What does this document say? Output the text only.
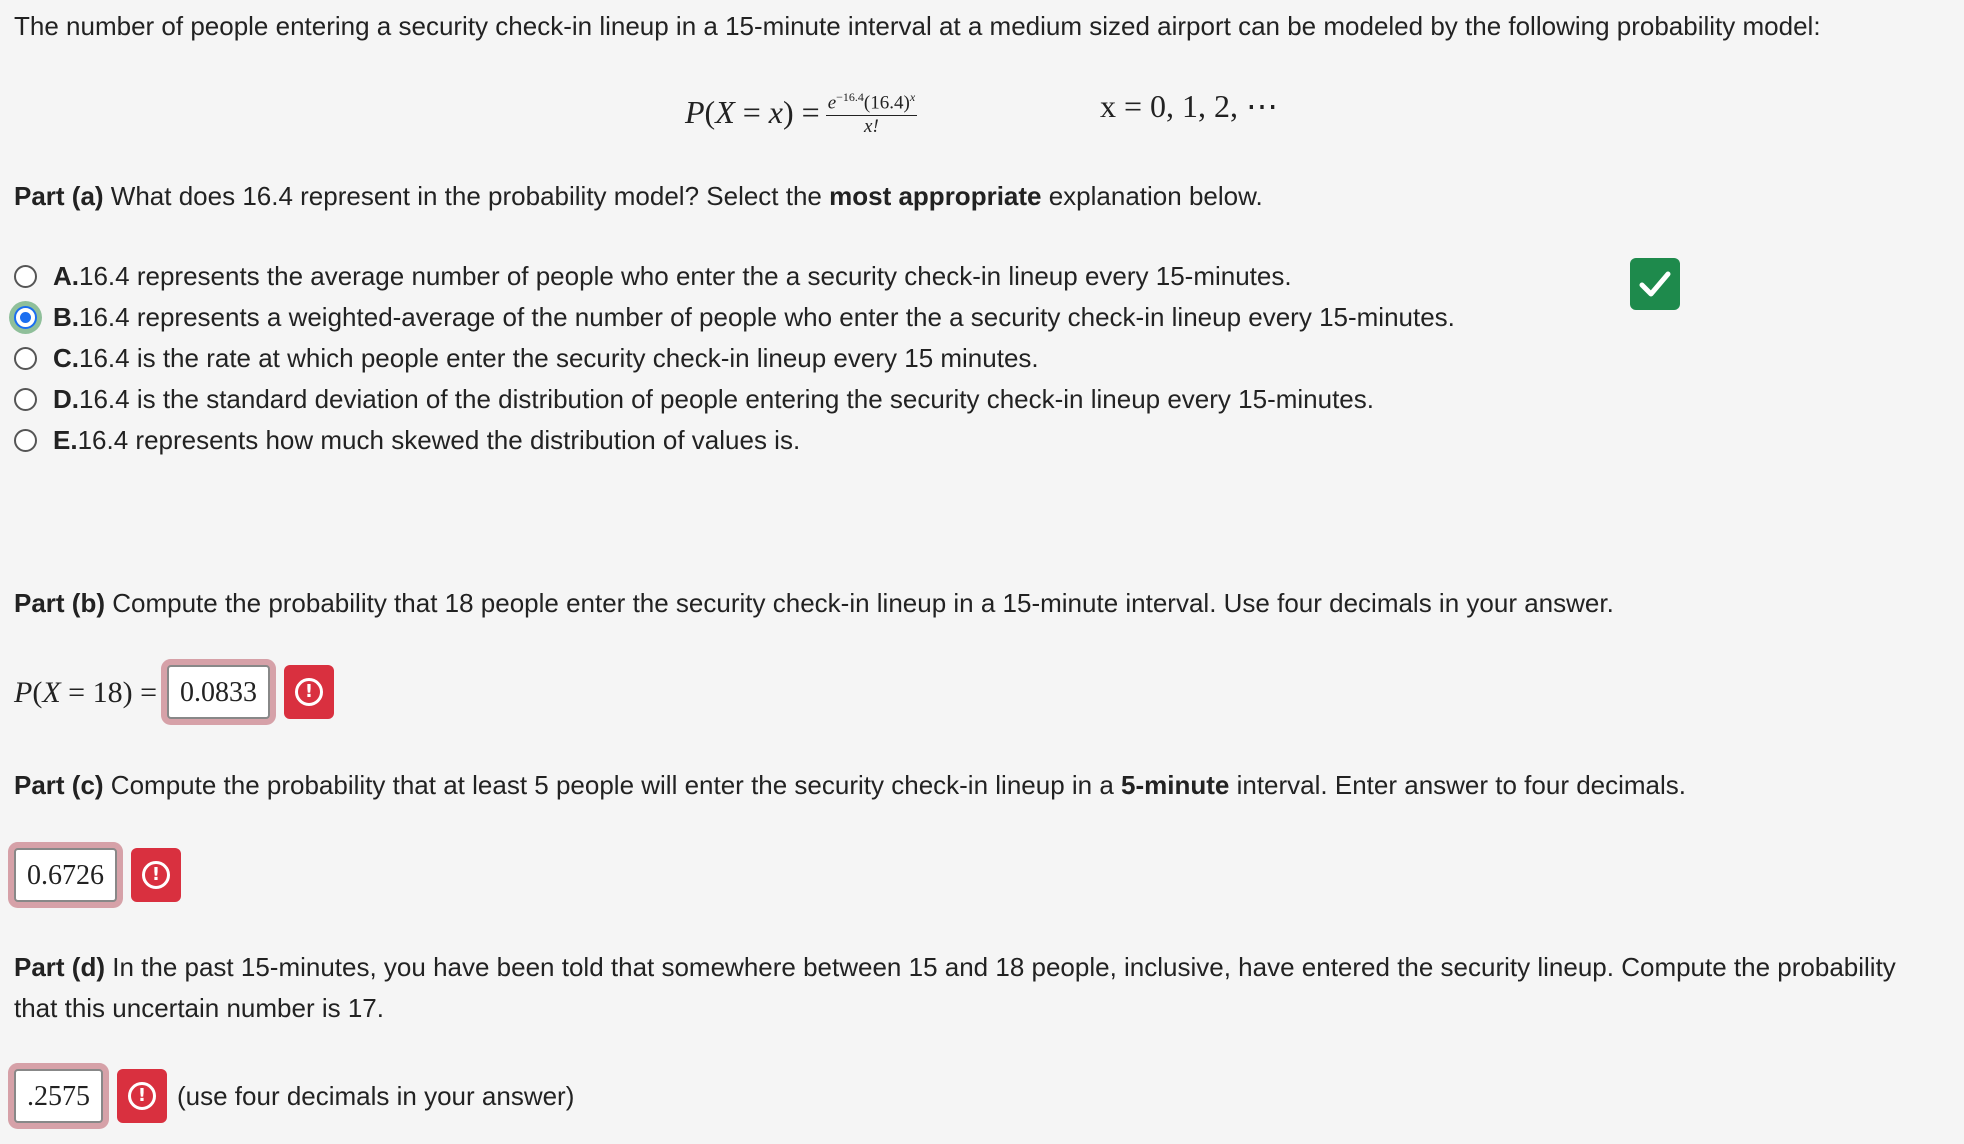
The number of people entering a security check-in lineup in a 15-minute interval at a medium sized airport can be modeled by the following probability model:

$P(X = x) = \frac{e^{-16.4}(16.4)^x}{x!}$	x = 0, 1, 2, ⋯

Part (a) What does 16.4 represent in the probability model? Select the most appropriate explanation below.

A. 16.4 represents the average number of people who enter the a security check-in lineup every 15-minutes.
B. 16.4 represents a weighted-average of the number of people who enter the a security check-in lineup every 15-minutes.
C. 16.4 is the rate at which people enter the security check-in lineup every 15 minutes.
D. 16.4 is the standard deviation of the distribution of people entering the security check-in lineup every 15-minutes.
E. 16.4 represents how much skewed the distribution of values is.

Part (b) Compute the probability that 18 people enter the security check-in lineup in a 15-minute interval. Use four decimals in your answer.

P(X = 18) = 0.0833	!

Part (c) Compute the probability that at least 5 people will enter the security check-in lineup in a 5-minute interval. Enter answer to four decimals.

0.6726	!

Part (d) In the past 15-minutes, you have been told that somewhere between 15 and 18 people, inclusive, have entered the security lineup. Compute the probability that this uncertain number is 17.

.2575	!	(use four decimals in your answer)
